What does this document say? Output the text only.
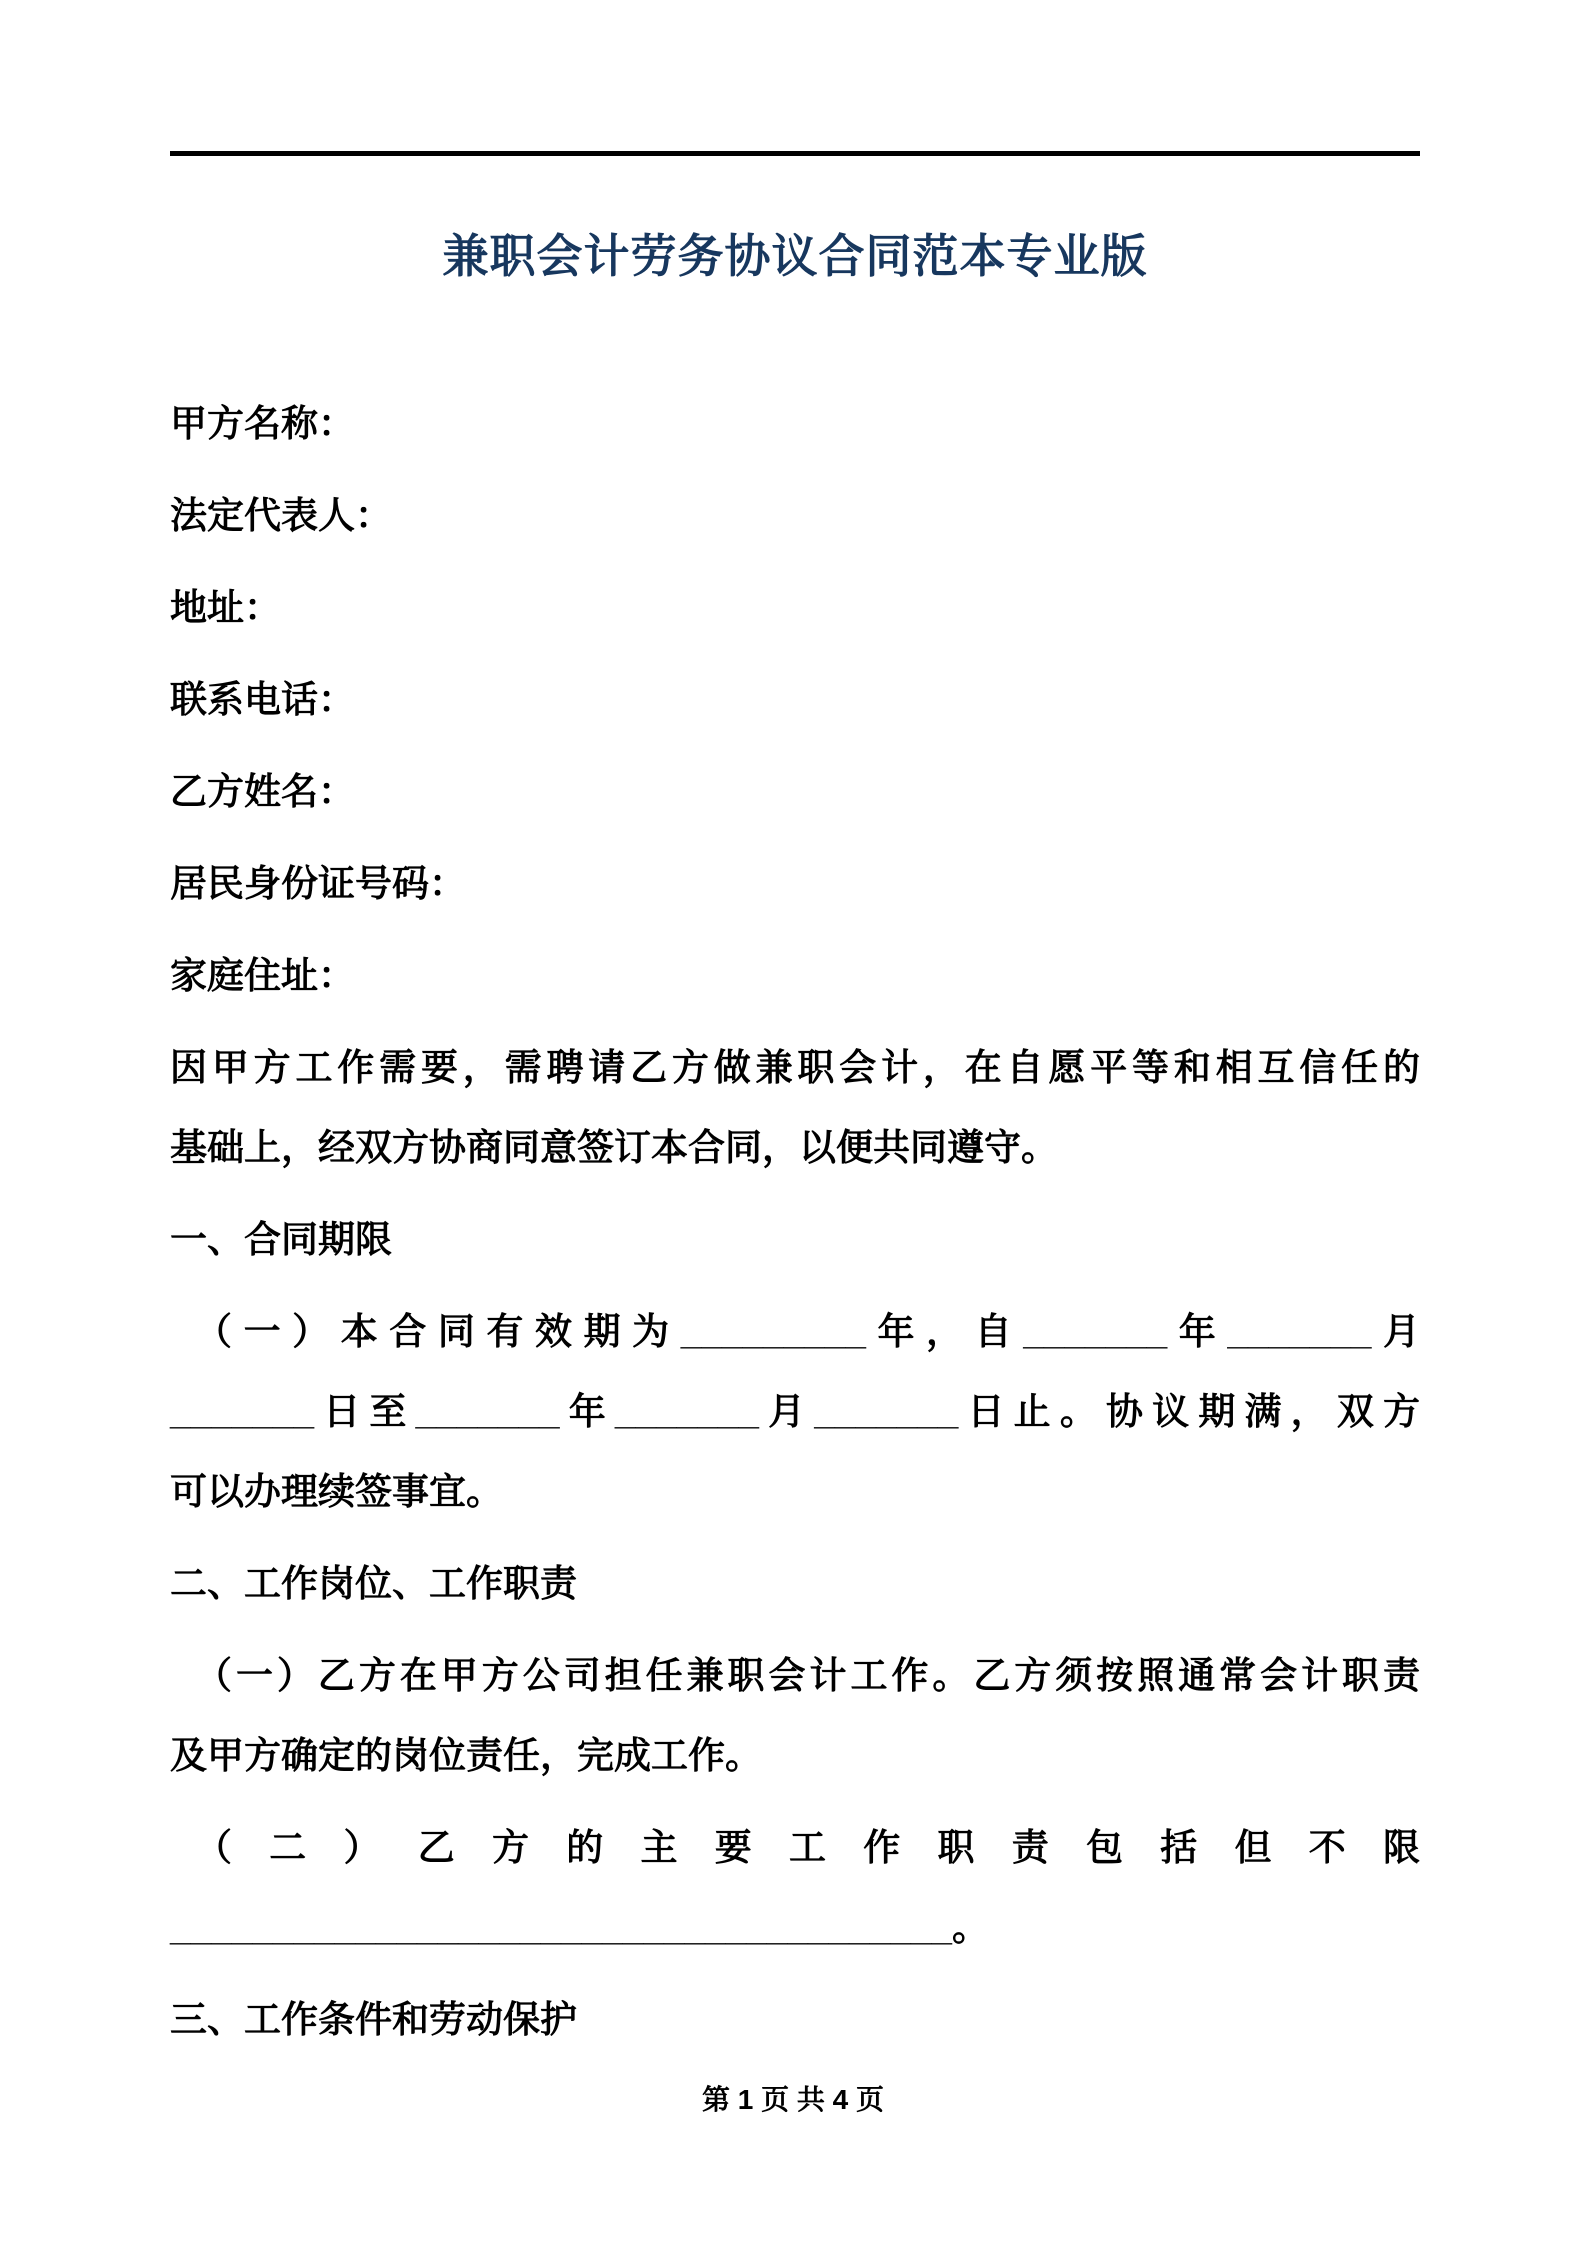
兼职会计劳务协议合同范本专业版

甲方名称：

法定代表人：

地址：

联系电话：

乙方姓名：

居民身份证号码：

家庭住址：

因甲方工作需要，需聘请乙方做兼职会计，在自愿平等和相互信任的

基础上，经双方协商同意签订本合同，以便共同遵守。

一、合同期限

（一）本合同有效期为_________年，自_______年_______月

_______日至_______年_______月_______日止。协议期满，双方

可以办理续签事宜。

二、工作岗位、工作职责

（一）乙方在甲方公司担任兼职会计工作。乙方须按照通常会计职责

及甲方确定的岗位责任，完成工作。

（二）乙方的主要工作职责包括但不限

______________________________________。

三、工作条件和劳动保护

第 1 页 共 4 页
